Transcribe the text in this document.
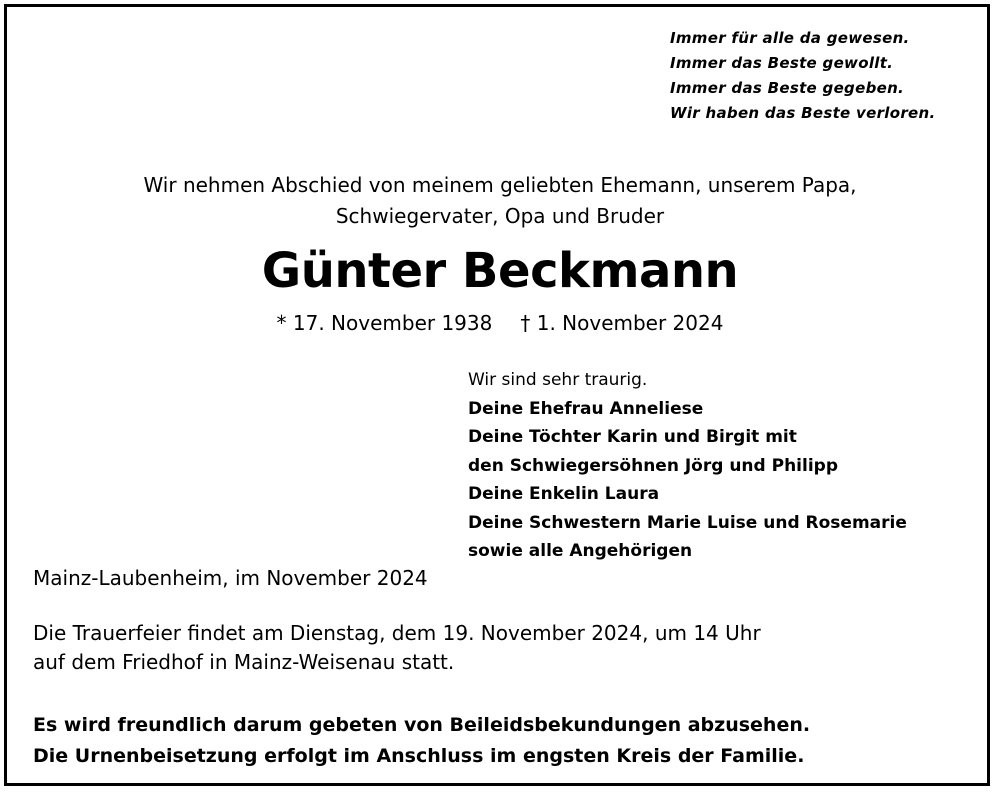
Immer für alle da gewesen.
Immer das Beste gewollt.
Immer das Beste gegeben.
Wir haben das Beste verloren.
Wir nehmen Abschied von meinem geliebten Ehemann, unserem Papa,
Schwiegervater, Opa und Bruder
Günter Beckmann
* 17. November 1938 † 1. November 2024
Wir sind sehr traurig.
Deine Ehefrau Anneliese
Deine Töchter Karin und Birgit mit
den Schwiegersöhnen Jörg und Philipp
Deine Enkelin Laura
Deine Schwestern Marie Luise und Rosemarie
sowie alle Angehörigen
Mainz-Laubenheim, im November 2024
Die Trauerfeier findet am Dienstag, dem 19. November 2024, um 14 Uhr
auf dem Friedhof in Mainz-Weisenau statt.
Es wird freundlich darum gebeten von Beileidsbekundungen abzusehen.
Die Urnenbeisetzung erfolgt im Anschluss im engsten Kreis der Familie.
